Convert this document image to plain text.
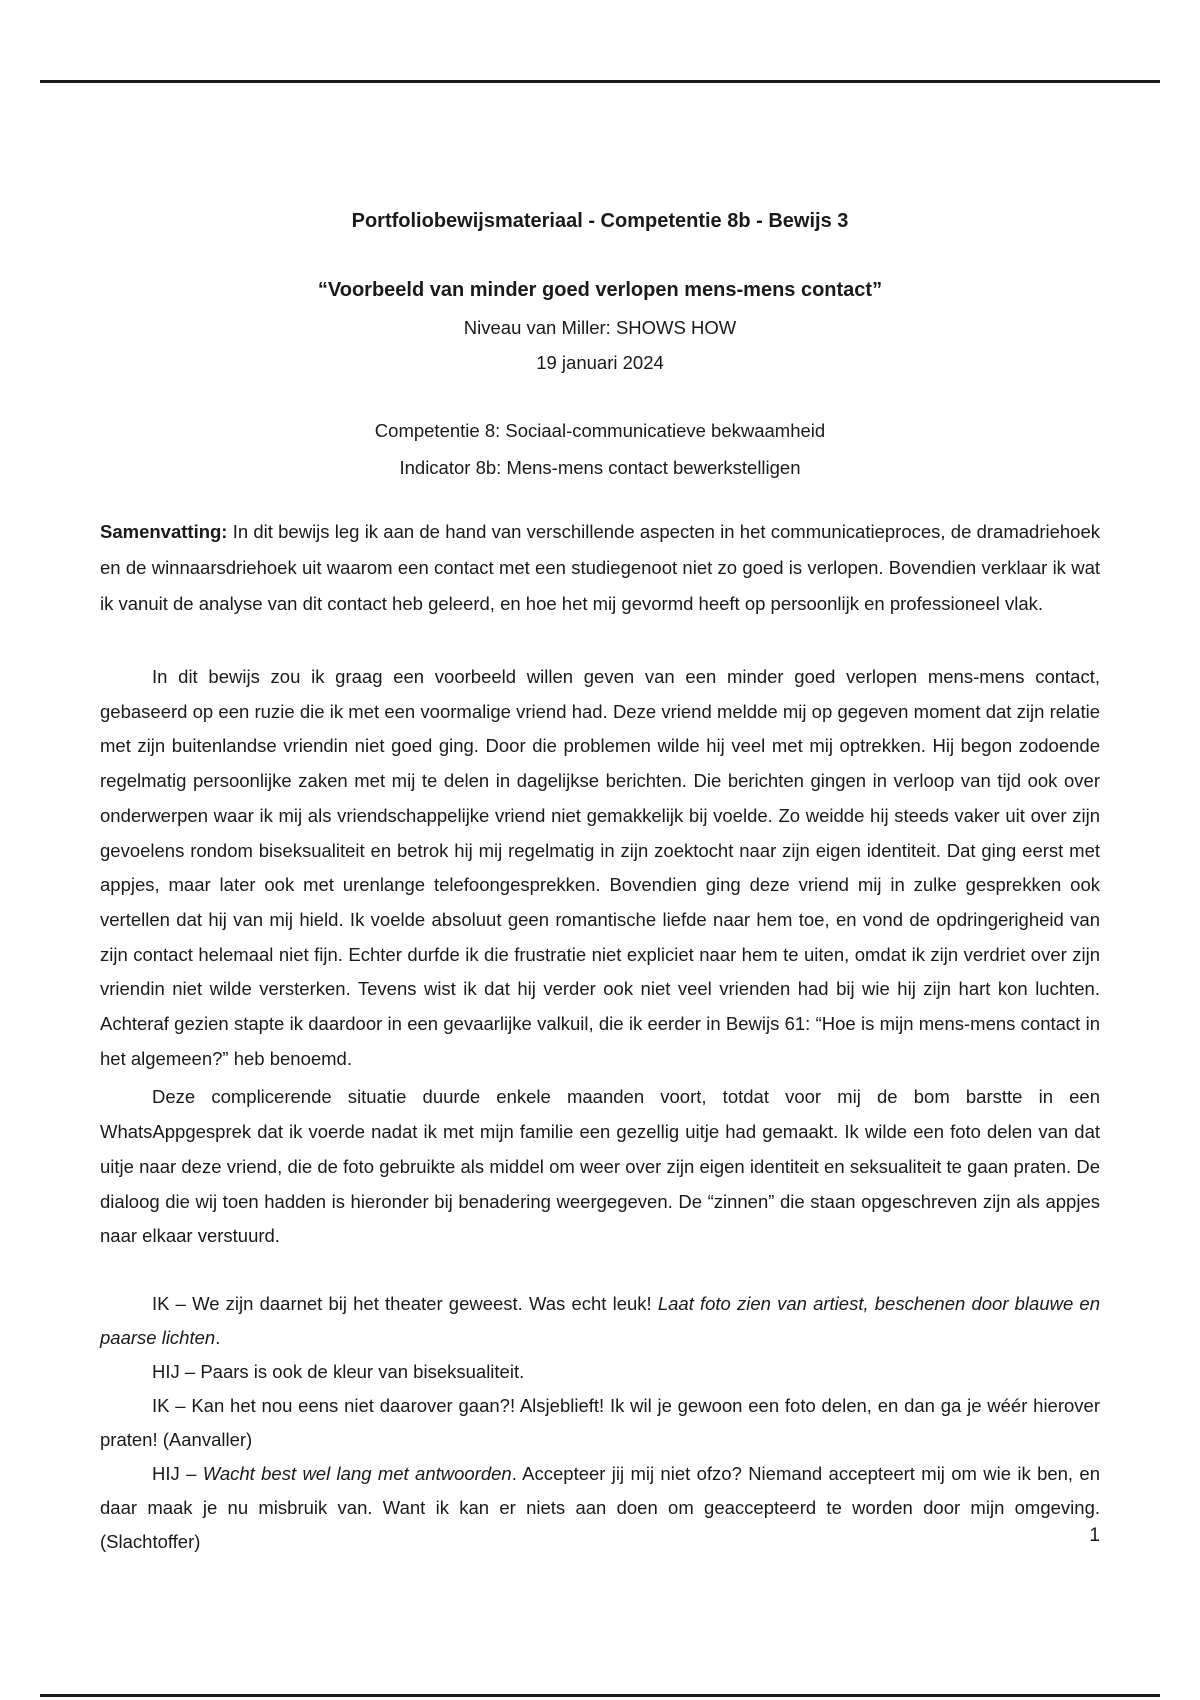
Portfoliobewijsmateriaal - Competentie 8b - Bewijs 3
“Voorbeeld van minder goed verlopen mens-mens contact”
Niveau van Miller: SHOWS HOW
19 januari 2024
Competentie 8: Sociaal-communicatieve bekwaamheid
Indicator 8b: Mens-mens contact bewerkstelligen
Samenvatting: In dit bewijs leg ik aan de hand van verschillende aspecten in het communicatieproces, de dramadriehoek en de winnaarsdriehoek uit waarom een contact met een studiegenoot niet zo goed is verlopen. Bovendien verklaar ik wat ik vanuit de analyse van dit contact heb geleerd, en hoe het mij gevormd heeft op persoonlijk en professioneel vlak.

In dit bewijs zou ik graag een voorbeeld willen geven van een minder goed verlopen mens-mens contact, gebaseerd op een ruzie die ik met een voormalige vriend had. Deze vriend meldde mij op gegeven moment dat zijn relatie met zijn buitenlandse vriendin niet goed ging. Door die problemen wilde hij veel met mij optrekken. Hij begon zodoende regelmatig persoonlijke zaken met mij te delen in dagelijkse berichten. Die berichten gingen in verloop van tijd ook over onderwerpen waar ik mij als vriendschappelijke vriend niet gemakkelijk bij voelde. Zo weidde hij steeds vaker uit over zijn gevoelens rondom biseksualiteit en betrok hij mij regelmatig in zijn zoektocht naar zijn eigen identiteit. Dat ging eerst met appjes, maar later ook met urenlange telefoongesprekken. Bovendien ging deze vriend mij in zulke gesprekken ook vertellen dat hij van mij hield. Ik voelde absoluut geen romantische liefde naar hem toe, en vond de opdringerigheid van zijn contact helemaal niet fijn. Echter durfde ik die frustratie niet expliciet naar hem te uiten, omdat ik zijn verdriet over zijn vriendin niet wilde versterken. Tevens wist ik dat hij verder ook niet veel vrienden had bij wie hij zijn hart kon luchten. Achteraf gezien stapte ik daardoor in een gevaarlijke valkuil, die ik eerder in Bewijs 61: “Hoe is mijn mens-mens contact in het algemeen?” heb benoemd.

Deze complicerende situatie duurde enkele maanden voort, totdat voor mij de bom barstte in een WhatsAppgesprek dat ik voerde nadat ik met mijn familie een gezellig uitje had gemaakt. Ik wilde een foto delen van dat uitje naar deze vriend, die de foto gebruikte als middel om weer over zijn eigen identiteit en seksualiteit te gaan praten. De dialoog die wij toen hadden is hieronder bij benadering weergegeven. De “zinnen” die staan opgeschreven zijn als appjes naar elkaar verstuurd.

IK – We zijn daarnet bij het theater geweest. Was echt leuk! Laat foto zien van artiest, beschenen door blauwe en paarse lichten.

HIJ – Paars is ook de kleur van biseksualiteit.

IK – Kan het nou eens niet daarover gaan?! Alsjeblieft! Ik wil je gewoon een foto delen, en dan ga je wéér hierover praten! (Aanvaller)

HIJ – Wacht best wel lang met antwoorden. Accepteer jij mij niet ofzo? Niemand accepteert mij om wie ik ben, en daar maak je nu misbruik van. Want ik kan er niets aan doen om geaccepteerd te worden door mijn omgeving. (Slachtoffer)	1
